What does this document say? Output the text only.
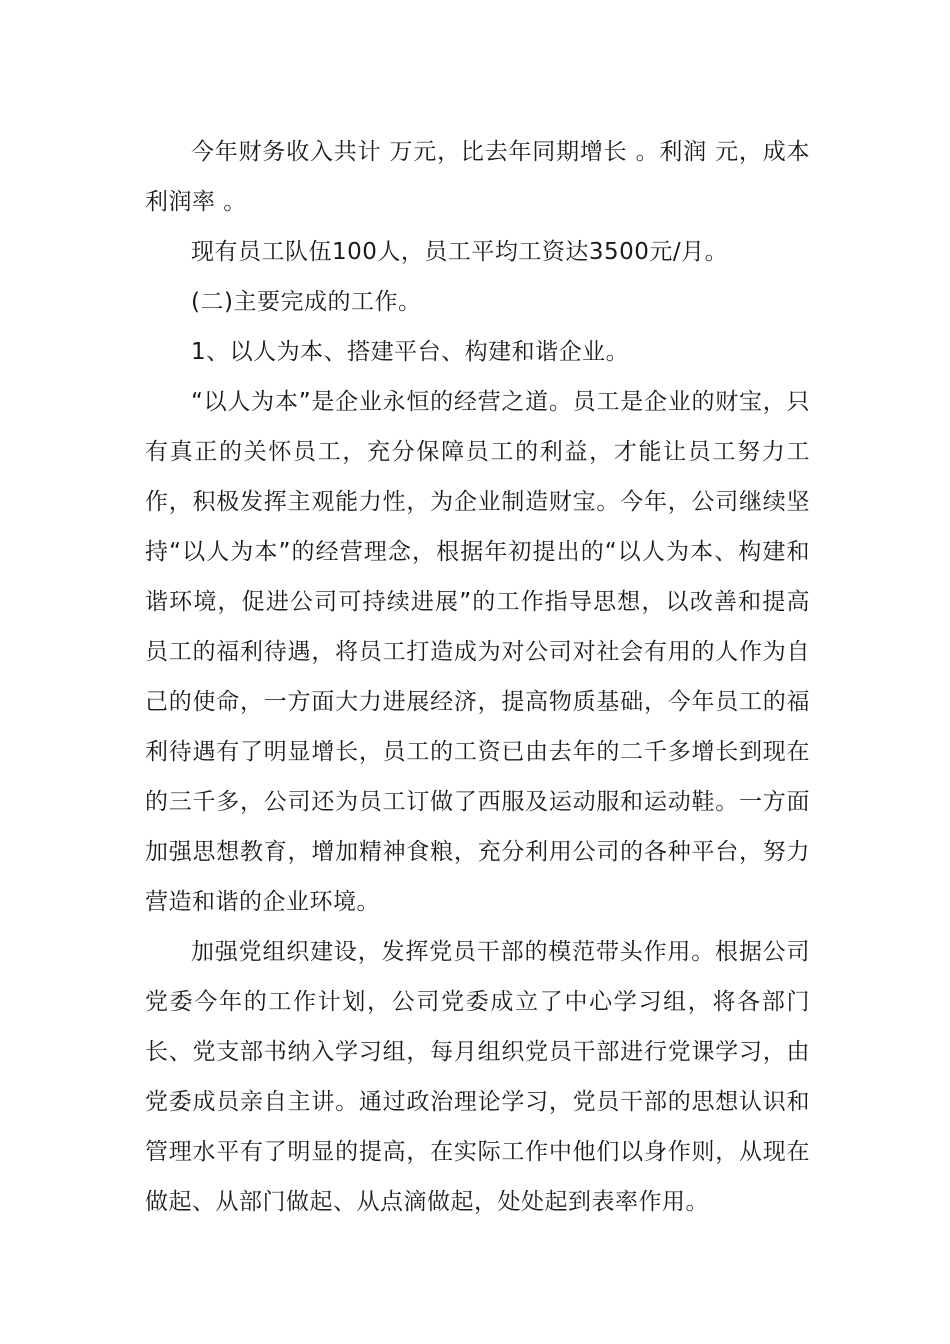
今年财务收入共计 万元，比去年同期增长 。利润 元，成本利润率 。

现有员工队伍100人，员工平均工资达3500元/月。

(二)主要完成的工作。

1、以人为本、搭建平台、构建和谐企业。

“以人为本”是企业永恒的经营之道。员工是企业的财宝，只有真正的关怀员工，充分保障员工的利益，才能让员工努力工作，积极发挥主观能力性，为企业制造财宝。今年，公司继续坚持“以人为本”的经营理念，根据年初提出的“以人为本、构建和谐环境，促进公司可持续进展”的工作指导思想，以改善和提高员工的福利待遇，将员工打造成为对公司对社会有用的人作为自己的使命，一方面大力进展经济，提高物质基础，今年员工的福利待遇有了明显增长，员工的工资已由去年的二千多增长到现在的三千多，公司还为员工订做了西服及运动服和运动鞋。一方面加强思想教育，增加精神食粮，充分利用公司的各种平台，努力营造和谐的企业环境。

加强党组织建设，发挥党员干部的模范带头作用。根据公司党委今年的工作计划，公司党委成立了中心学习组，将各部门长、党支部书纳入学习组，每月组织党员干部进行党课学习，由党委成员亲自主讲。通过政治理论学习，党员干部的思想认识和管理水平有了明显的提高，在实际工作中他们以身作则，从现在做起、从部门做起、从点滴做起，处处起到表率作用。
